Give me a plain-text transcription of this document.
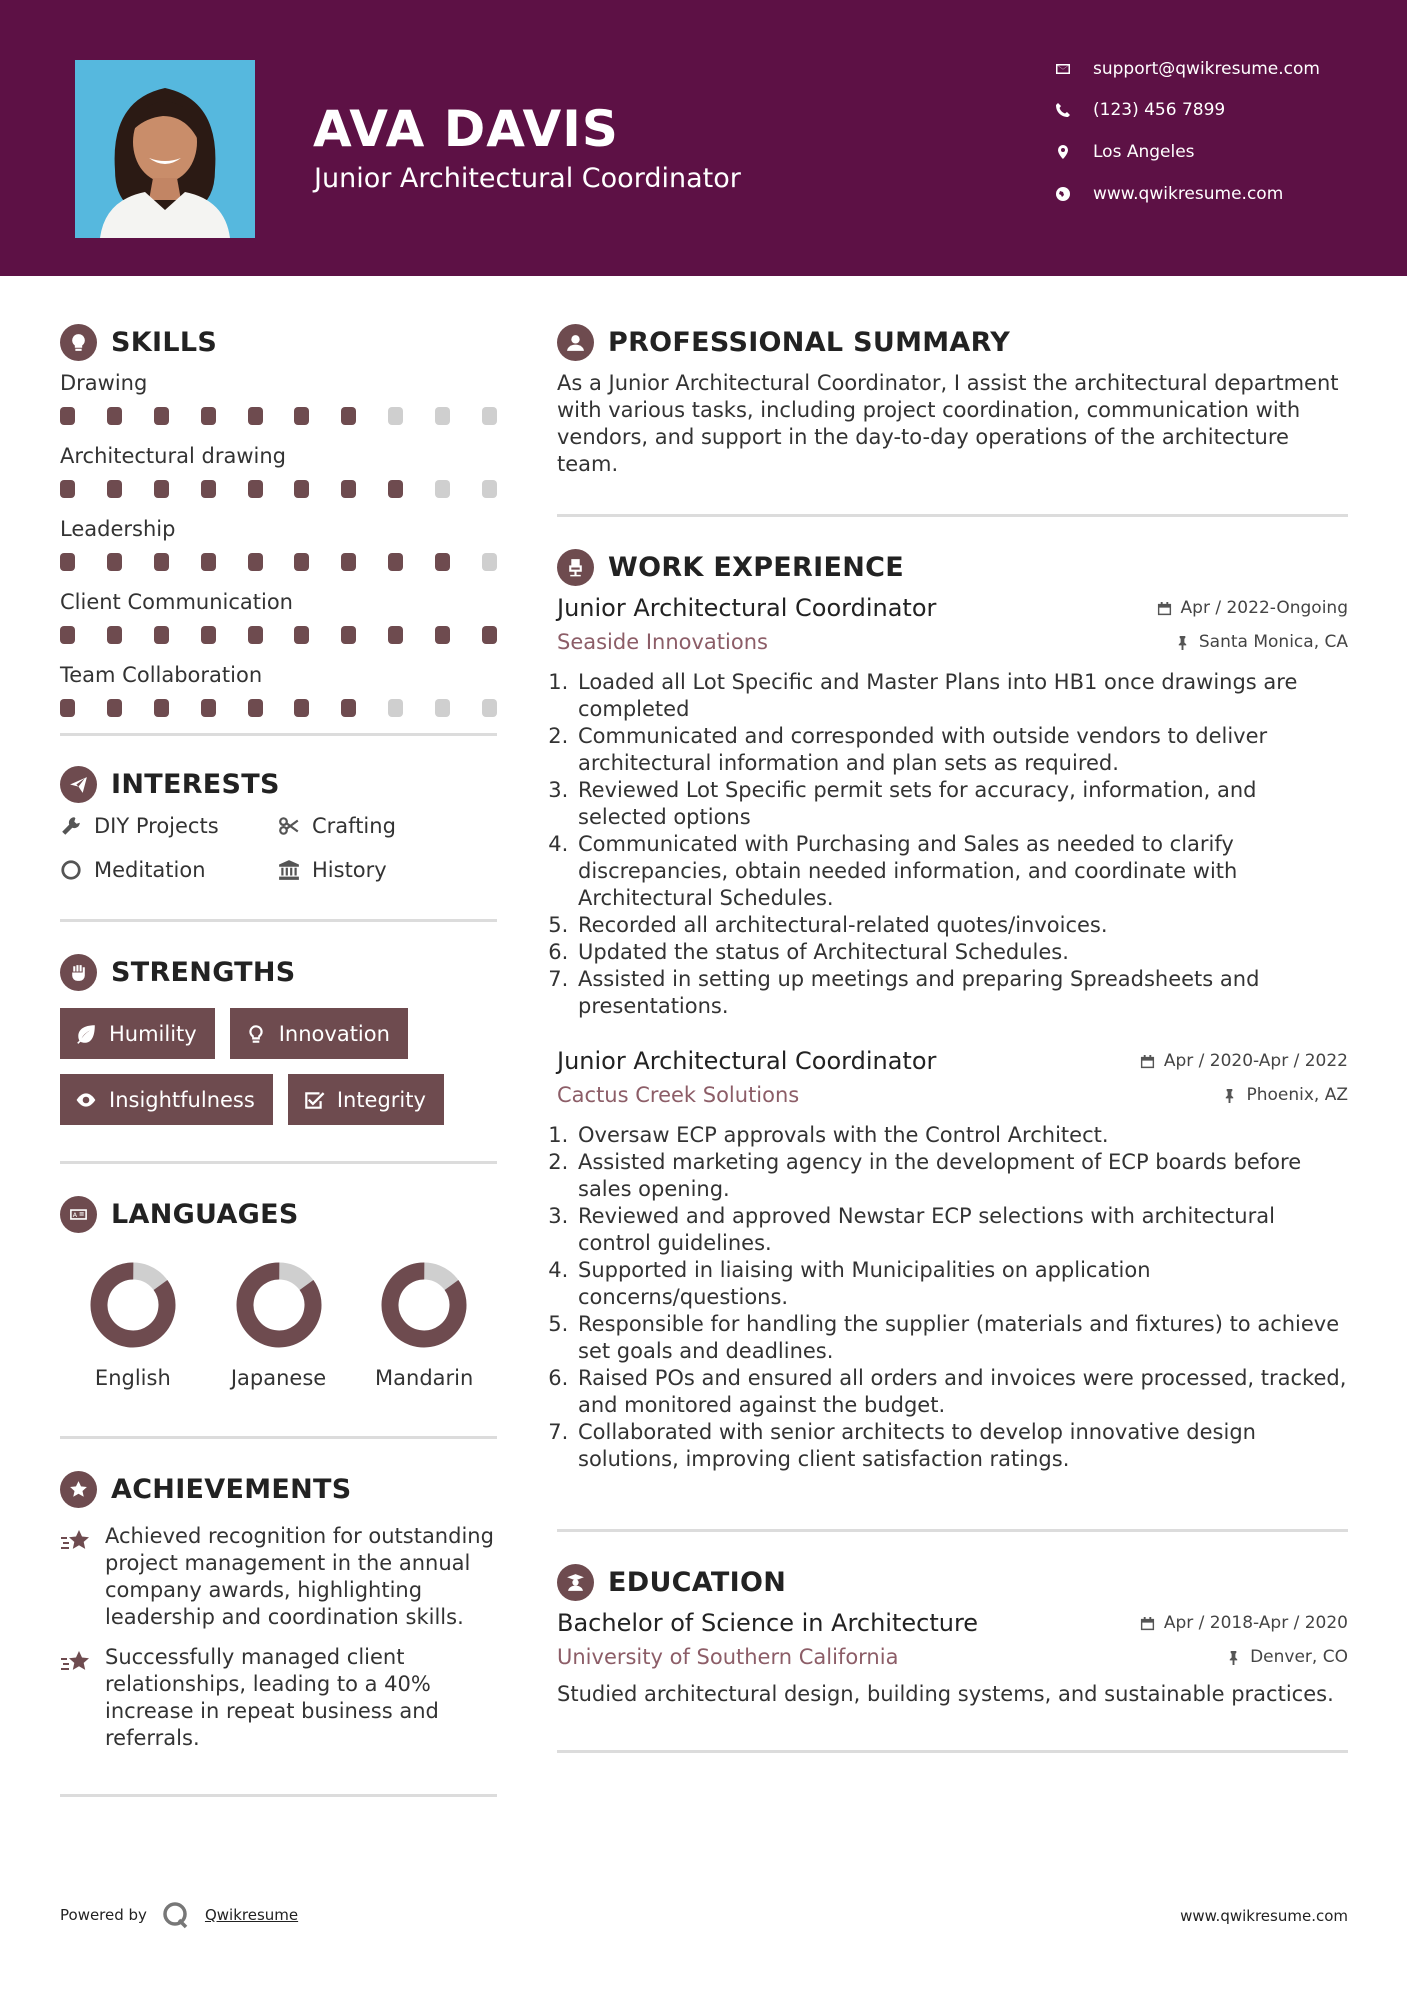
AVA DAVIS
Junior Architectural Coordinator
support@qwikresume.com
(123) 456 7899
Los Angeles
www.qwikresume.com
SKILLS
Drawing
Architectural drawing
Leadership
Client Communication
Team Collaboration
INTERESTS
DIY Projects	Crafting
Meditation	History
STRENGTHS
Humility	Innovation
Insightfulness	Integrity
A LANGUAGES
English	Japanese Mandarin
ACHIEVEMENTS
Achieved recognition for outstanding project management in the annual company awards, highlighting leadership and coordination skills.
Successfully managed client relationships, leading to a 40% increase in repeat business and referrals.
PROFESSIONAL SUMMARY
As a Junior Architectural Coordinator, I assist the architectural department with various tasks, including project coordination, communication with vendors, and support in the day-to-day operations of the architecture team.
WORK EXPERIENCE
Junior Architectural Coordinator	Apr / 2022-Ongoing
Seaside Innovations	Santa Monica, CA
1. Loaded all Lot Specific and Master Plans into HB1 once drawings are completed
2. Communicated and corresponded with outside vendors to deliver architectural information and plan sets as required.
3. Reviewed Lot Specific permit sets for accuracy, information, and selected options
4. Communicated with Purchasing and Sales as needed to clarify discrepancies, obtain needed information, and coordinate with Architectural Schedules.
5. Recorded all architectural-related quotes/invoices.
6. Updated the status of Architectural Schedules.
7. Assisted in setting up meetings and preparing Spreadsheets and presentations.
Junior Architectural Coordinator	Apr / 2020-Apr / 2022
Cactus Creek Solutions	Phoenix, AZ
1. Oversaw ECP approvals with the Control Architect.
2. Assisted marketing agency in the development of ECP boards before sales opening.
3. Reviewed and approved Newstar ECP selections with architectural control guidelines.
4. Supported in liaising with Municipalities on application concerns/questions.
5. Responsible for handling the supplier (materials and fixtures) to achieve set goals and deadlines.
6. Raised POs and ensured all orders and invoices were processed, tracked, and monitored against the budget.
7. Collaborated with senior architects to develop innovative design solutions, improving client satisfaction ratings.
EDUCATION
Bachelor of Science in Architecture	Apr / 2018-Apr / 2020
University of Southern California	Denver, CO
Studied architectural design, building systems, and sustainable practices.
Powered by	Qwikresume	www.qwikresume.com
